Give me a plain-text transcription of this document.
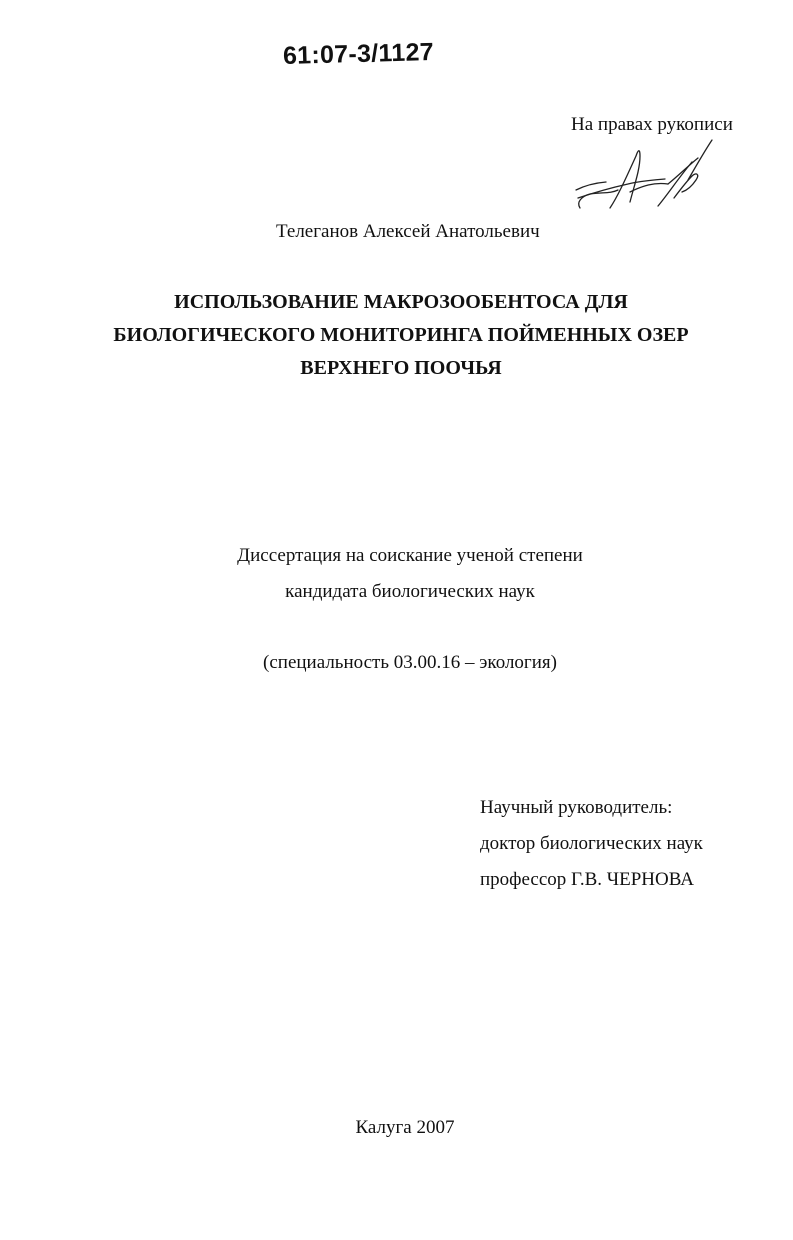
61:07-3/1127
На правах рукописи
Телеганов Алексей Анатольевич
ИСПОЛЬЗОВАНИЕ МАКРОЗООБЕНТОСА ДЛЯ
БИОЛОГИЧЕСКОГО МОНИТОРИНГА ПОЙМЕННЫХ ОЗЕР
ВЕРХНЕГО ПООЧЬЯ
Диссертация на соискание ученой степени
кандидата биологических наук
(специальность 03.00.16 – экология)
Научный руководитель:
доктор биологических наук
профессор Г.В. ЧЕРНОВА
Калуга 2007
